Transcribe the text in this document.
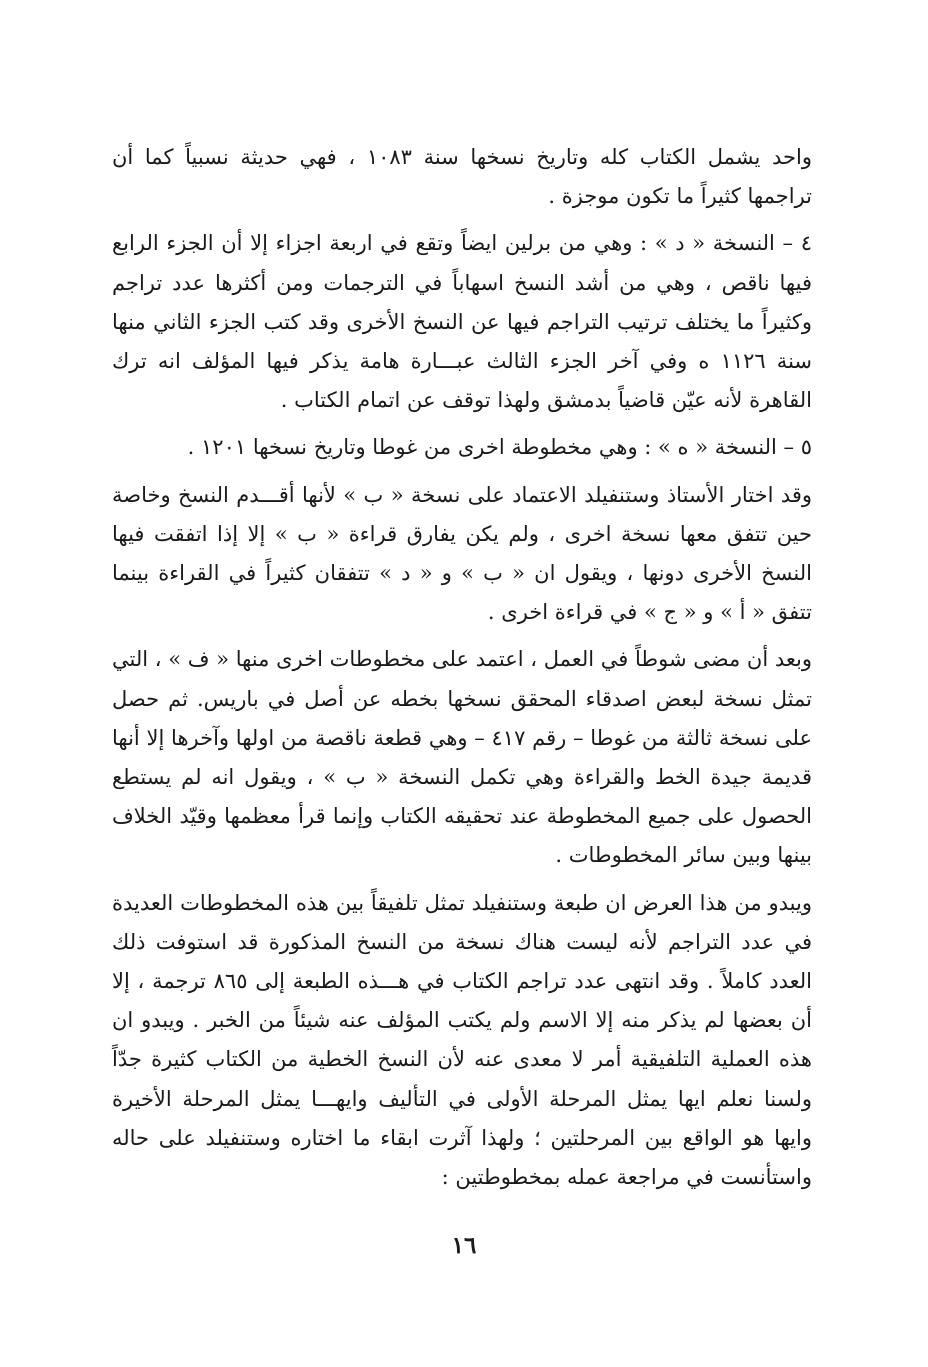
واحد يشمل الكتاب كله وتاريخ نسخها سنة ١٠٨٣ ، فهي حديثة نسبياً كما أن تراجمها كثيراً ما تكون موجزة .

٤ – النسخة « د » : وهي من برلين ايضاً وتقع في اربعة اجزاء إلا أن الجزء الرابع فيها ناقص ، وهي من أشد النسخ اسهاباً في الترجمات ومن أكثرها عدد تراجم وكثيراً ما يختلف ترتيب التراجم فيها عن النسخ الأخرى وقد كتب الجزء الثاني منها سنة ١١٢٦ ه وفي آخر الجزء الثالث عبـــارة هامة يذكر فيها المؤلف انه ترك القاهرة لأنه عيّن قاضياً بدمشق ولهذا توقف عن اتمام الكتاب .

٥ – النسخة « ه » : وهي مخطوطة اخرى من غوطا وتاريخ نسخها ١٢٠١ .

وقد اختار الأستاذ وستنفيلد الاعتماد على نسخة « ب » لأنها أقـــدم النسخ وخاصة حين تتفق معها نسخة اخرى ، ولم يكن يفارق قراءة « ب » إلا إذا اتفقت فيها النسخ الأخرى دونها ، ويقول ان « ب » و « د » تتفقان كثيراً في القراءة بينما تتفق « أ » و « ج » في قراءة اخرى .

وبعد أن مضى شوطاً في العمل ، اعتمد على مخطوطات اخرى منها « ف » ، التي تمثل نسخة لبعض اصدقاء المحقق نسخها بخطه عن أصل في باريس. ثم حصل على نسخة ثالثة من غوطا – رقم ٤١٧ – وهي قطعة ناقصة من اولها وآخرها إلا أنها قديمة جيدة الخط والقراءة وهي تكمل النسخة « ب » ، ويقول انه لم يستطع الحصول على جميع المخطوطة عند تحقيقه الكتاب وإنما قرأ معظمها وقيّد الخلاف بينها وبين سائر المخطوطات .

ويبدو من هذا العرض ان طبعة وستنفيلد تمثل تلفيقاً بين هذه المخطوطات العديدة في عدد التراجم لأنه ليست هناك نسخة من النسخ المذكورة قد استوفت ذلك العدد كاملاً . وقد انتهى عدد تراجم الكتاب في هـــذه الطبعة إلى ٨٦٥ ترجمة ، إلا أن بعضها لم يذكر منه إلا الاسم ولم يكتب المؤلف عنه شيئاً من الخبر . ويبدو ان هذه العملية التلفيقية أمر لا معدى عنه لأن النسخ الخطية من الكتاب كثيرة جدّاً ولسنا نعلم ايها يمثل المرحلة الأولى في التأليف وايهـــا يمثل المرحلة الأخيرة وايها هو الواقع بين المرحلتين ؛ ولهذا آثرت ابقاء ما اختاره وستنفيلد على حاله واستأنست في مراجعة عمله بمخطوطتين :

١٦
